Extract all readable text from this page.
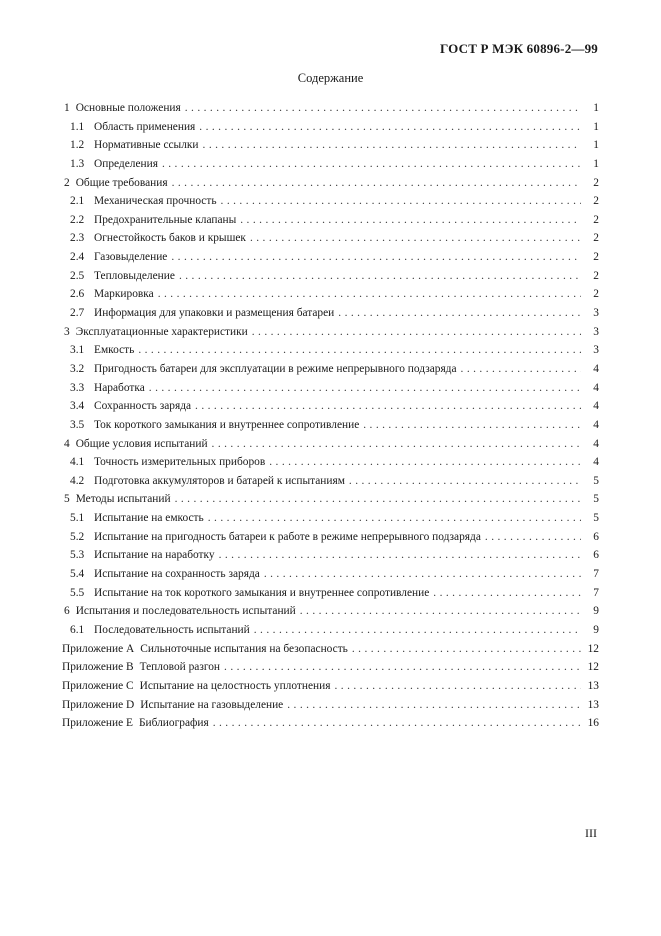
ГОСТ Р МЭК 60896-2—99
Содержание
1 Основные положения . . .	1
1.1 Область применения . . .	1
1.2 Нормативные ссылки . . .	1
1.3 Определения . . .	1
2 Общие требования . . .	2
2.1 Механическая прочность . . .	2
2.2 Предохранительные клапаны . . .	2
2.3 Огнестойкость баков и крышек . . .	2
2.4 Газовыделение . . .	2
2.5 Тепловыделение . . .	2
2.6 Маркировка . . .	2
2.7 Информация для упаковки и размещения батареи . . .	3
3 Эксплуатационные характеристики . . .	3
3.1 Емкость . . .	3
3.2 Пригодность батареи для эксплуатации в режиме непрерывного подзаряда . . .	4
3.3 Наработка . . .	4
3.4 Сохранность заряда . . .	4
3.5 Ток короткого замыкания и внутреннее сопротивление . . .	4
4 Общие условия испытаний . . .	4
4.1 Точность измерительных приборов . . .	4
4.2 Подготовка аккумуляторов и батарей к испытаниям . . .	5
5 Методы испытаний . . .	5
5.1 Испытание на емкость . . .	5
5.2 Испытание на пригодность батареи к работе в режиме непрерывного подзаряда . . .	6
5.3 Испытание на наработку . . .	6
5.4 Испытание на сохранность заряда . . .	7
5.5 Испытание на ток короткого замыкания и внутреннее сопротивление . . .	7
6 Испытания и последовательность испытаний . . .	9
6.1 Последовательность испытаний . . .	9
Приложение А Сильноточные испытания на безопасность . . .	12
Приложение В Тепловой разгон . . .	12
Приложение С Испытание на целостность уплотнения . . .	13
Приложение D Испытание на газовыделение . . .	13
Приложение Е Библиография . . .	16
III
